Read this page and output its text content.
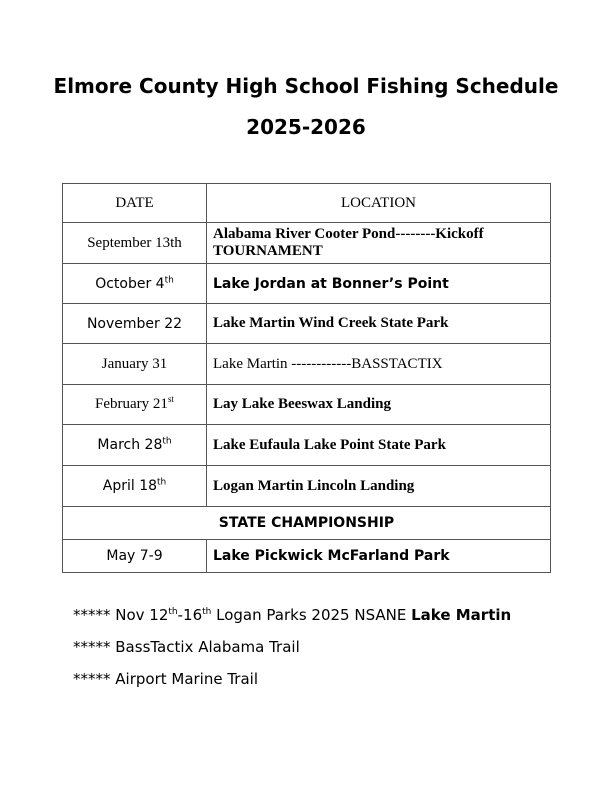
Elmore County High School Fishing Schedule
2025-2026
DATE	LOCATION
September 13th	Alabama River Cooter Pond--------Kickoff
TOURNAMENT
October 4th	Lake Jordan at Bonner’s Point
November 22	Lake Martin Wind Creek State Park
January 31	Lake Martin ------------BASSTACTIX
February 21st	Lay Lake Beeswax Landing
March 28th	Lake Eufaula Lake Point State Park
April 18th	Logan Martin Lincoln Landing
STATE CHAMPIONSHIP	
May 7-9	Lake Pickwick McFarland Park
***** Nov 12th-16th Logan Parks 2025 NSANE Lake Martin
***** BassTactix Alabama Trail
***** Airport Marine Trail
